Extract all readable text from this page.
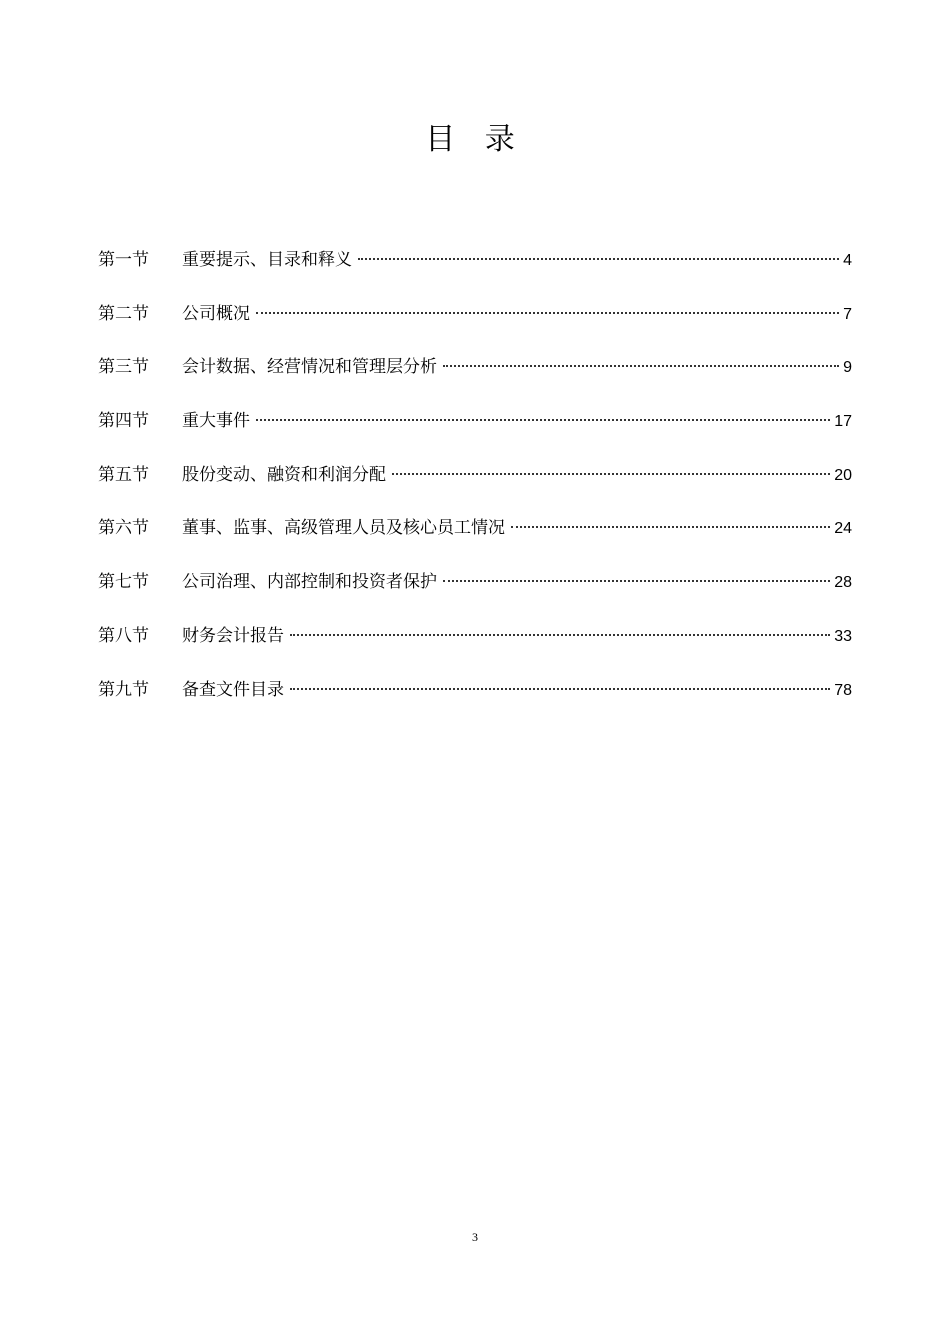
目 录
第一节	重要提示、目录和释义	4
第二节	公司概况	7
第三节	会计数据、经营情况和管理层分析	9
第四节	重大事件	17
第五节	股份变动、融资和利润分配	20
第六节	董事、监事、高级管理人员及核心员工情况	24
第七节	公司治理、内部控制和投资者保护	28
第八节	财务会计报告	33
第九节	备查文件目录	78
3
